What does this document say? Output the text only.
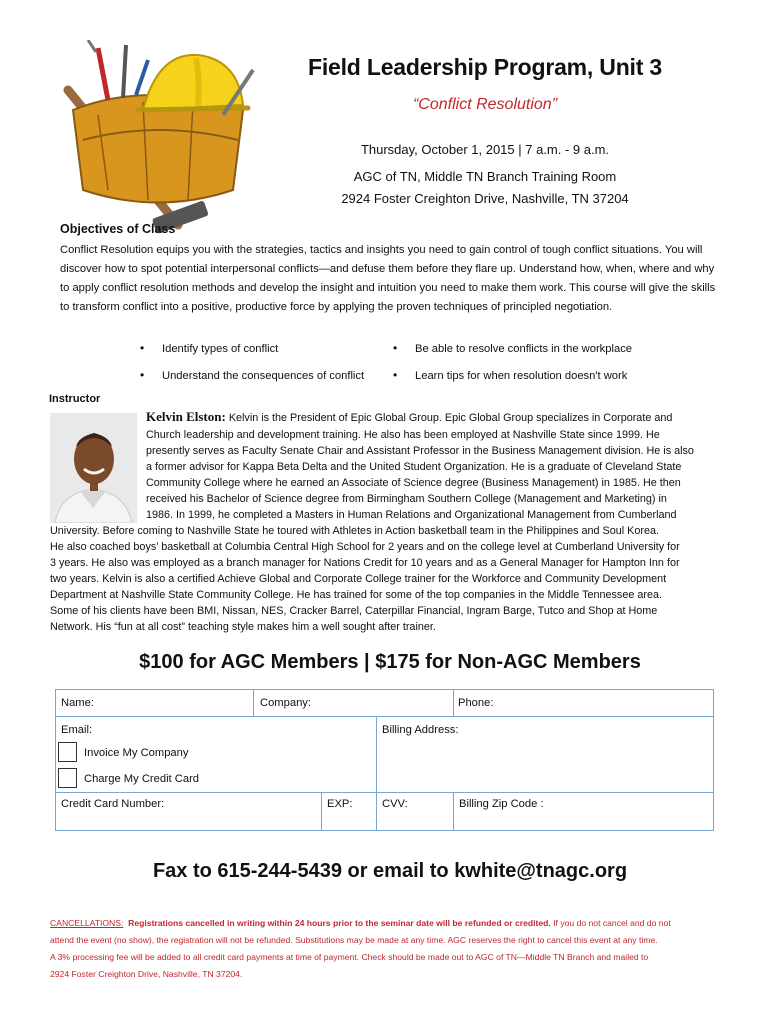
Field Leadership Program, Unit 3
“Conflict Resolution”
Thursday, October 1, 2015 | 7 a.m. - 9 a.m.
AGC of TN, Middle TN Branch Training Room
2924 Foster Creighton Drive, Nashville, TN 37204
Objectives of Class
Conflict Resolution equips you with the strategies, tactics and insights you need to gain control of tough conflict situations. You will discover how to spot potential interpersonal conflicts—and defuse them before they flare up. Understand how, when, where and why to apply conflict resolution methods and develop the insight and intuition you need to make them work. This course will give the skills to transform conflict into a positive, productive force by applying the proven techniques of principled negotiation.
• Identify types of conflict	• Be able to resolve conflicts in the workplace
• Understand the consequences of conflict • Learn tips for when resolution doesn't work
Instructor
Kelvin Elston: Kelvin is the President of Epic Global Group. Epic Global Group specializes in Corporate and
Church leadership and development training. He also has been employed at Nashville State since 1999. He
presently serves as Faculty Senate Chair and Assistant Professor in the Business Management division. He is also
a former advisor for Kappa Beta Delta and the United Student Organization. He is a graduate of Cleveland State
Community College where he earned an Associate of Science degree (Business Management) in 1985. He then
received his Bachelor of Science degree from Birmingham Southern College (Management and Marketing) in
1986. In 1999, he completed a Masters in Human Relations and Organizational Management from Cumberland
University. Before coming to Nashville State he toured with Athletes in Action basketball team in the Philippines and Soul Korea.
He also coached boys’ basketball at Columbia Central High School for 2 years and on the college level at Cumberland University for
3 years. He also was employed as a branch manager for Nations Credit for 10 years and as a General Manager for Hampton Inn for
two years. Kelvin is also a certified Achieve Global and Corporate College trainer for the Workforce and Community Development
Department at Nashville State Community College. He has trained for some of the top companies in the Middle Tennessee area.
Some of his clients have been BMI, Nissan, NES, Cracker Barrel, Caterpillar Financial, Ingram Barge, Tutco and Shop at Home
Network. His “fun at all cost” teaching style makes him a well sought after trainer.
$100 for AGC Members | $175 for Non-AGC Members
Name:	Company:	Phone:
Email:	Billing Address:
Invoice My Company
Charge My Credit Card
Credit Card Number:	EXP:	CVV:	Billing Zip Code :
Fax to 615-244-5439 or email to kwhite@tnagc.org
CANCELLATIONS: Registrations cancelled in writing within 24 hours prior to the seminar date will be refunded or credited. If you do not cancel and do not
attend the event (no show), the registration will not be refunded. Substitutions may be made at any time. AGC reserves the right to cancel this event at any time.
A 3% processing fee will be added to all credit card payments at time of payment. Check should be made out to AGC of TN—Middle TN Branch and mailed to
2924 Foster Creighton Drive, Nashville, TN 37204.
